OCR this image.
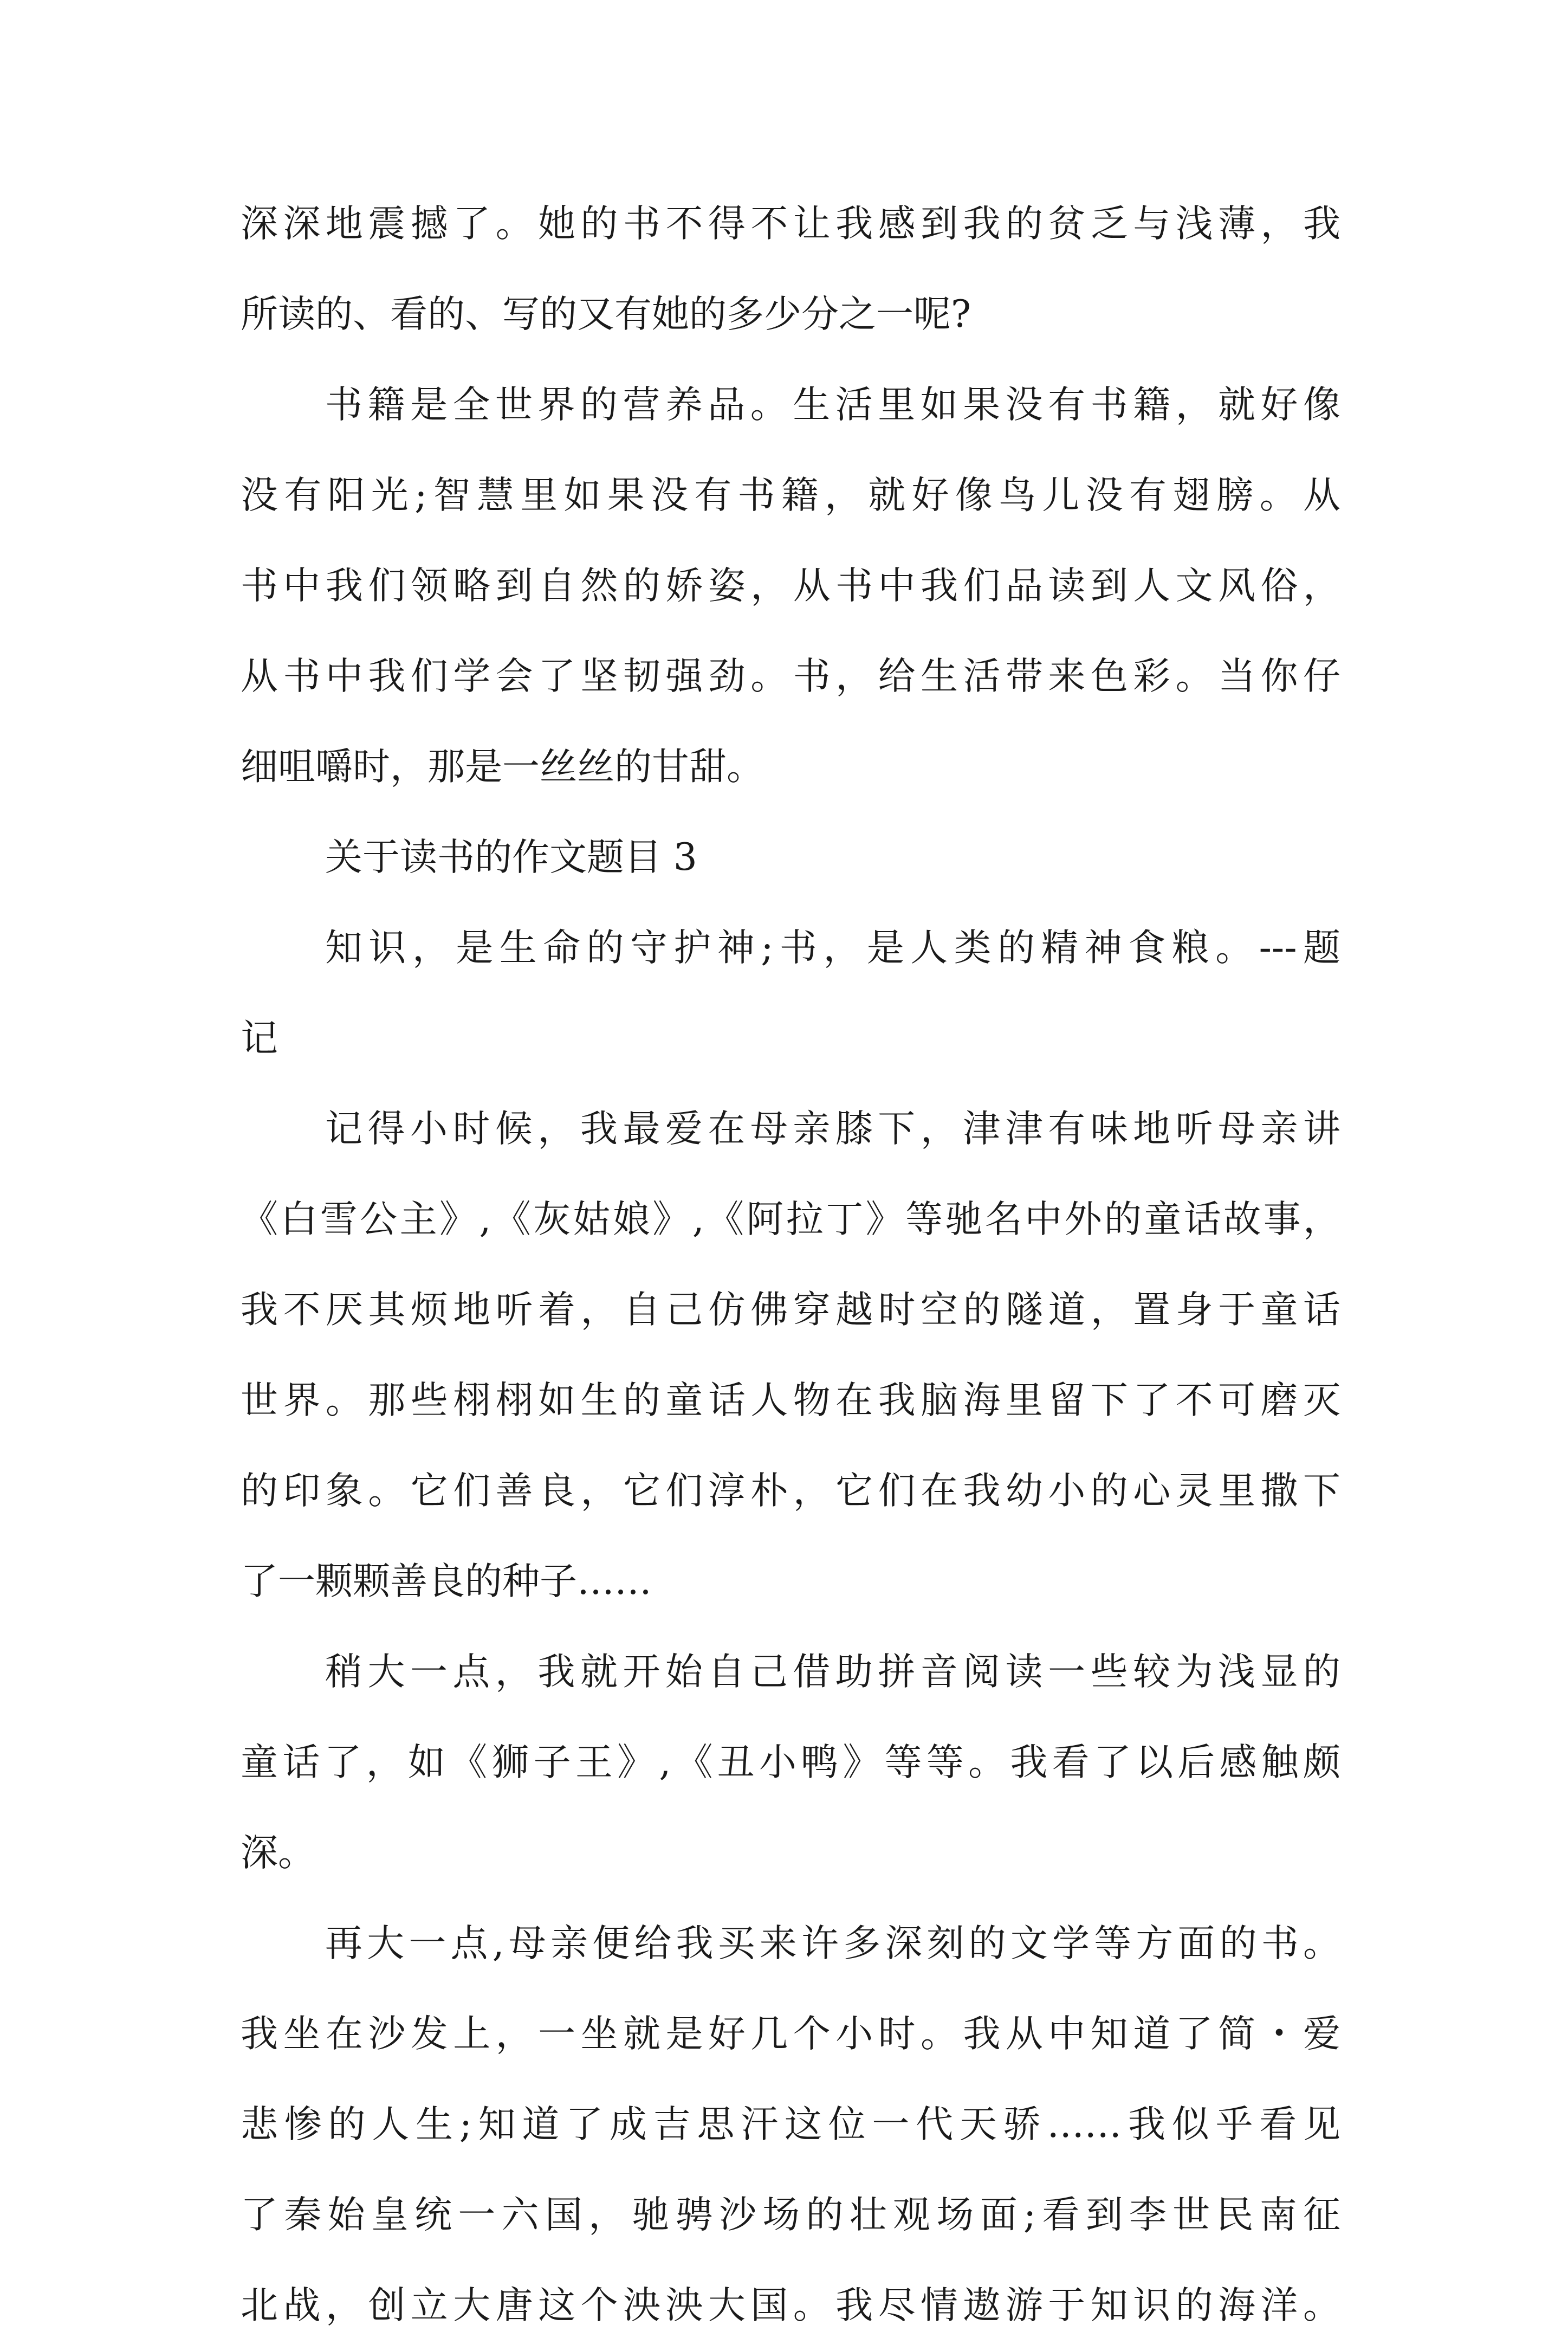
深深地震撼了。她的书不得不让我感到我的贫乏与浅薄，我
所读的、看的、写的又有她的多少分之一呢?
书籍是全世界的营养品。生活里如果没有书籍，就好像
没有阳光;智慧里如果没有书籍，就好像鸟儿没有翅膀。从
书中我们领略到自然的娇姿，从书中我们品读到人文风俗，
从书中我们学会了坚韧强劲。书，给生活带来色彩。当你仔
细咀嚼时，那是一丝丝的甘甜。
关于读书的作文题目 3
知识，是生命的守护神;书，是人类的精神食粮。---题
记
记得小时候，我最爱在母亲膝下，津津有味地听母亲讲
《白雪公主》,《灰姑娘》,《阿拉丁》等驰名中外的童话故事，
我不厌其烦地听着，自己仿佛穿越时空的隧道，置身于童话
世界。那些栩栩如生的童话人物在我脑海里留下了不可磨灭
的印象。它们善良，它们淳朴，它们在我幼小的心灵里撒下
了一颗颗善良的种子……
稍大一点，我就开始自己借助拼音阅读一些较为浅显的
童话了，如《狮子王》,《丑小鸭》等等。我看了以后感触颇
深。
再大一点,母亲便给我买来许多深刻的文学等方面的书。
我坐在沙发上，一坐就是好几个小时。我从中知道了简・爱
悲惨的人生;知道了成吉思汗这位一代天骄……我似乎看见
了秦始皇统一六国，驰骋沙场的壮观场面;看到李世民南征
北战，创立大唐这个泱泱大国。我尽情遨游于知识的海洋。
